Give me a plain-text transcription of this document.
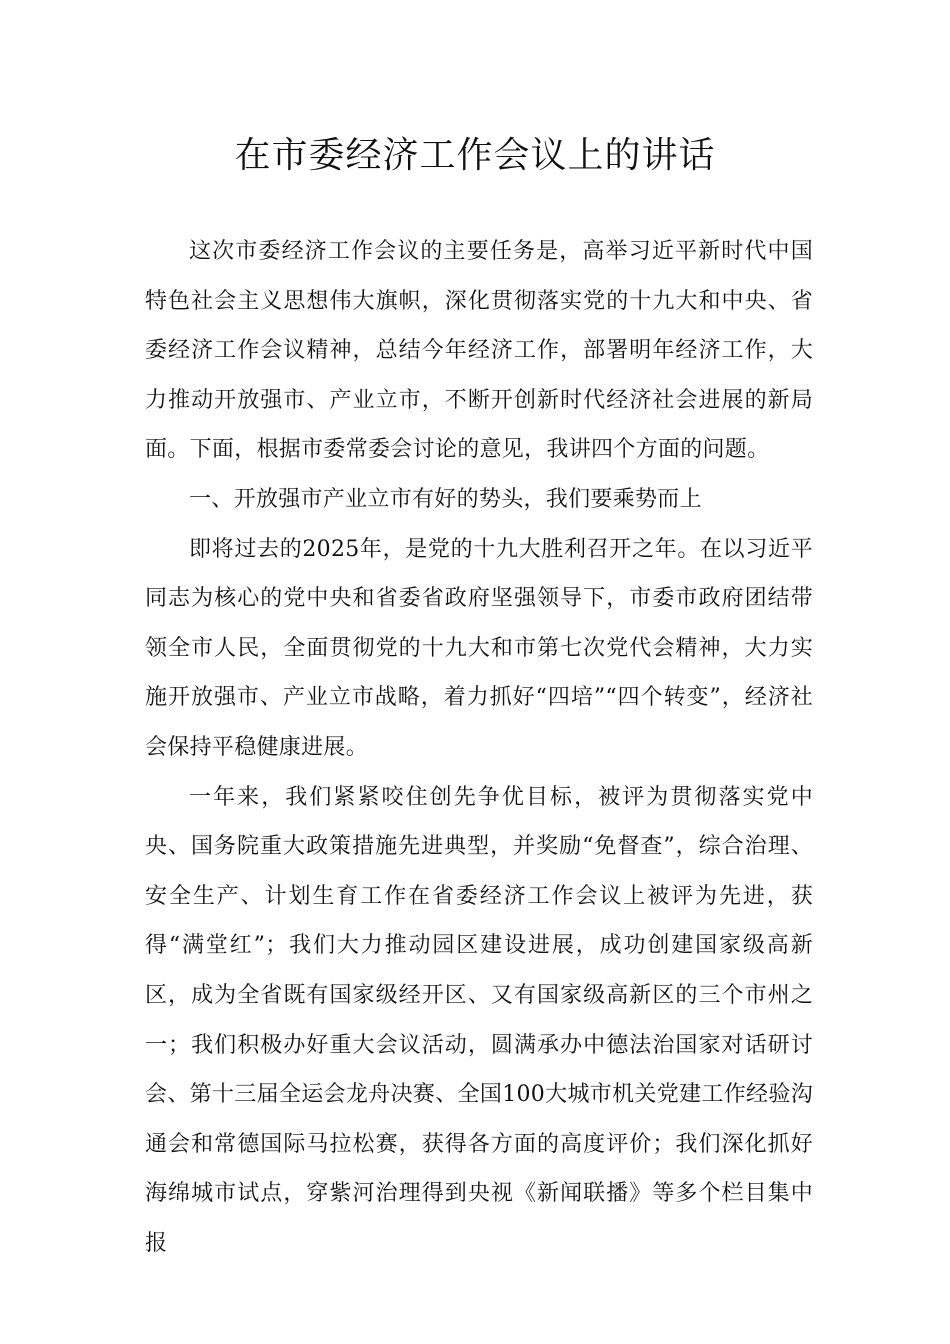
在市委经济工作会议上的讲话

这次市委经济工作会议的主要任务是，高举习近平新时代中国特色社会主义思想伟大旗帜，深化贯彻落实党的十九大和中央、省委经济工作会议精神，总结今年经济工作，部署明年经济工作，大力推动开放强市、产业立市，不断开创新时代经济社会进展的新局面。下面，根据市委常委会讨论的意见，我讲四个方面的问题。

一、开放强市产业立市有好的势头，我们要乘势而上

即将过去的2025年，是党的十九大胜利召开之年。在以习近平同志为核心的党中央和省委省政府坚强领导下，市委市政府团结带领全市人民，全面贯彻党的十九大和市第七次党代会精神，大力实施开放强市、产业立市战略，着力抓好“四培”“四个转变”，经济社会保持平稳健康进展。

一年来，我们紧紧咬住创先争优目标，被评为贯彻落实党中央、国务院重大政策措施先进典型，并奖励“免督查”，综合治理、安全生产、计划生育工作在省委经济工作会议上被评为先进，获得“满堂红”；我们大力推动园区建设进展，成功创建国家级高新区，成为全省既有国家级经开区、又有国家级高新区的三个市州之一；我们积极办好重大会议活动，圆满承办中德法治国家对话研讨会、第十三届全运会龙舟决赛、全国100大城市机关党建工作经验沟通会和常德国际马拉松赛，获得各方面的高度评价；我们深化抓好海绵城市试点，穿紫河治理得到央视《新闻联播》等多个栏目集中报
